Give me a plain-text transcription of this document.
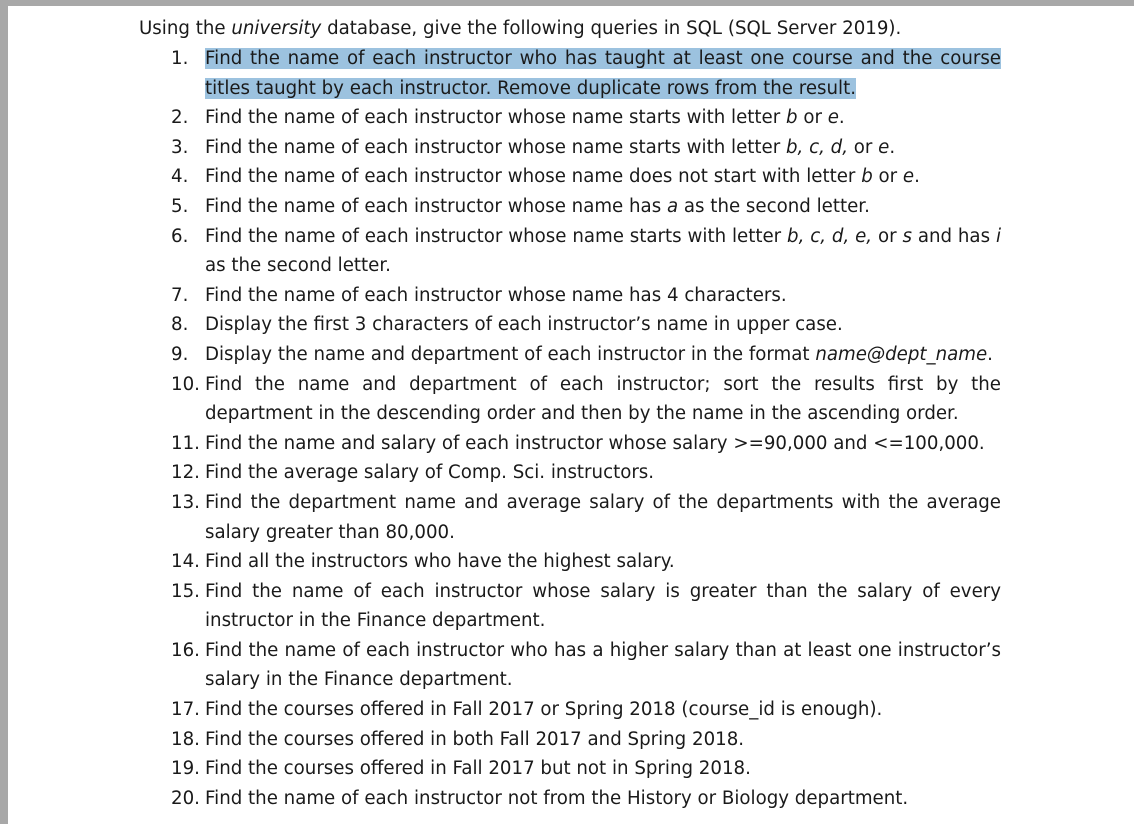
Using the university database, give the following queries in SQL (SQL Server 2019).
1. Find the name of each instructor who has taught at least one course and the course titles taught by each instructor. Remove duplicate rows from the result.
2. Find the name of each instructor whose name starts with letter b or e.
3. Find the name of each instructor whose name starts with letter b, c, d, or e.
4. Find the name of each instructor whose name does not start with letter b or e.
5. Find the name of each instructor whose name has a as the second letter.
6. Find the name of each instructor whose name starts with letter b, c, d, e, or s and has i as the second letter.
7. Find the name of each instructor whose name has 4 characters.
8. Display the first 3 characters of each instructor’s name in upper case.
9. Display the name and department of each instructor in the format name@dept_name.
10. Find the name and department of each instructor; sort the results first by the department in the descending order and then by the name in the ascending order.
11. Find the name and salary of each instructor whose salary >=90,000 and <=100,000.
12. Find the average salary of Comp. Sci. instructors.
13. Find the department name and average salary of the departments with the average salary greater than 80,000.
14. Find all the instructors who have the highest salary.
15. Find the name of each instructor whose salary is greater than the salary of every instructor in the Finance department.
16. Find the name of each instructor who has a higher salary than at least one instructor’s salary in the Finance department.
17. Find the courses offered in Fall 2017 or Spring 2018 (course_id is enough).
18. Find the courses offered in both Fall 2017 and Spring 2018.
19. Find the courses offered in Fall 2017 but not in Spring 2018.
20. Find the name of each instructor not from the History or Biology department.
